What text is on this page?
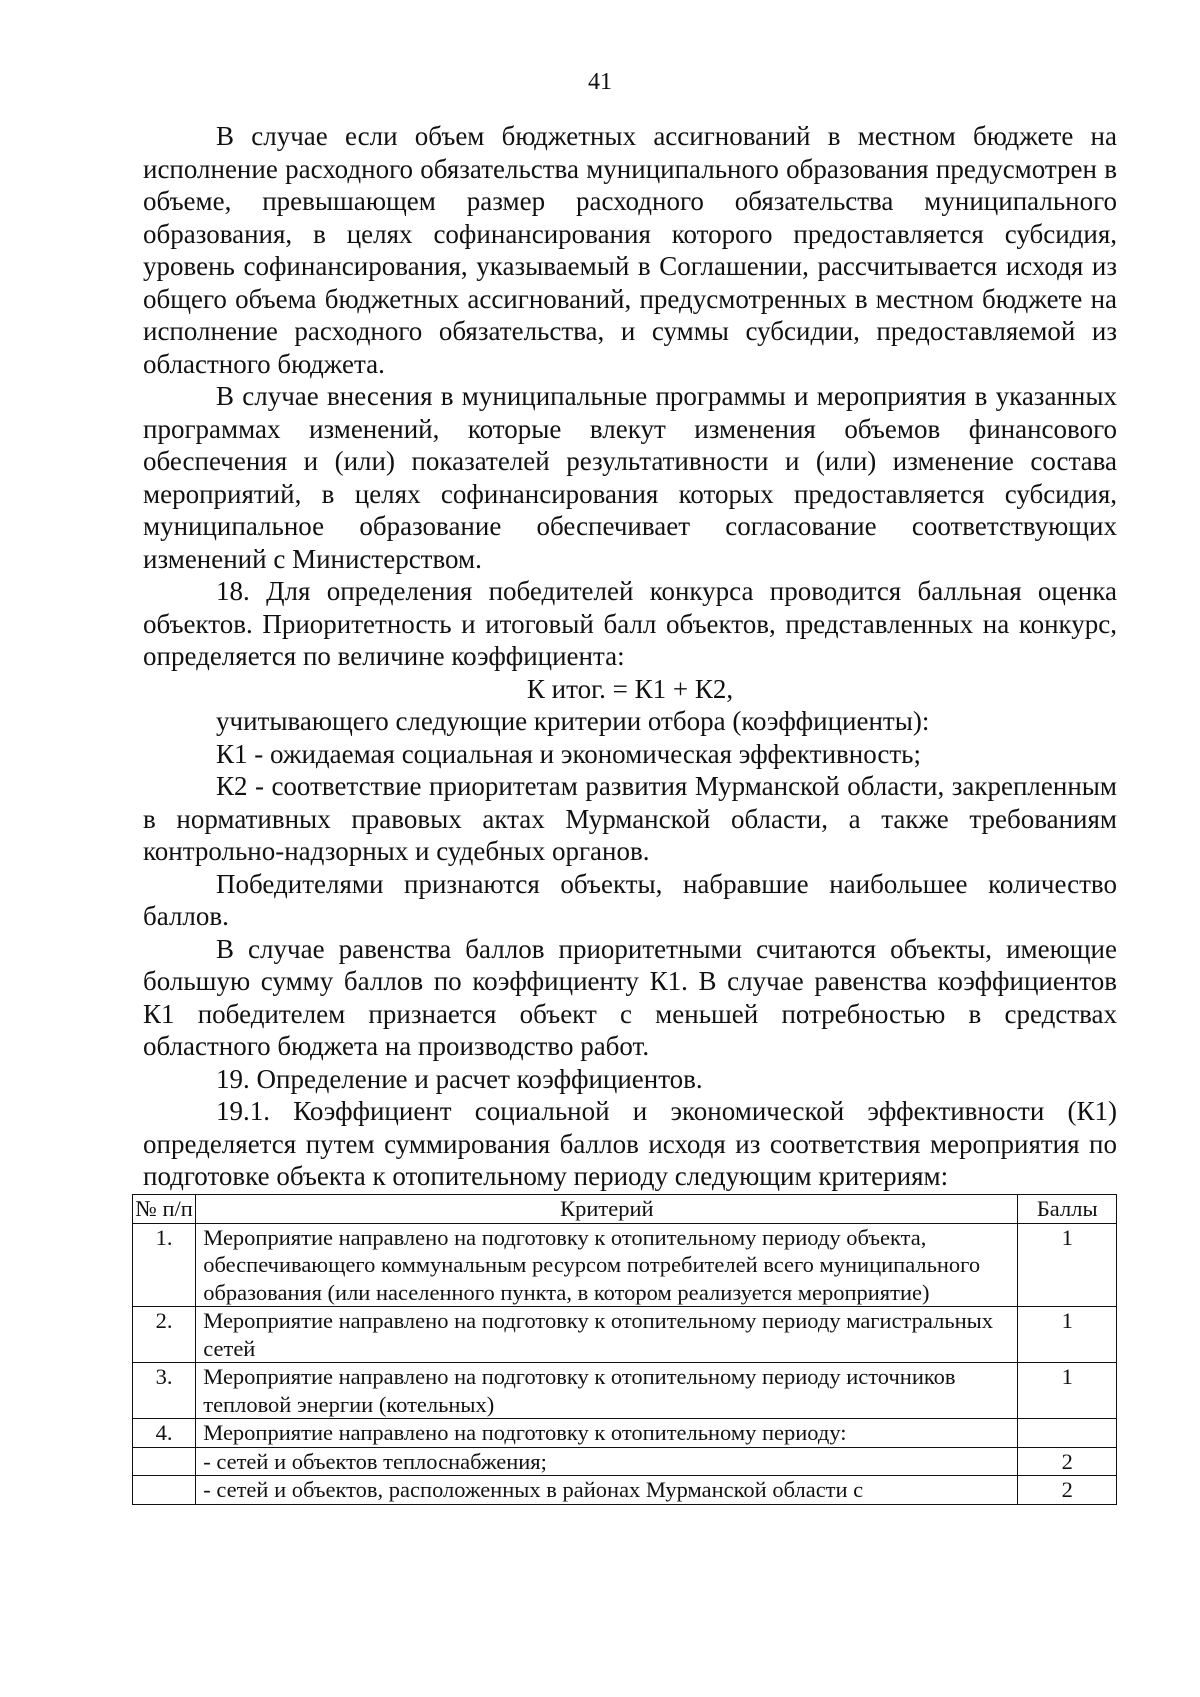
41

В случае если объем бюджетных ассигнований в местном бюджете на исполнение расходного обязательства муниципального образования предусмотрен в объеме, превышающем размер расходного обязательства муниципального образования, в целях софинансирования которого предоставляется субсидия, уровень софинансирования, указываемый в Соглашении, рассчитывается исходя из общего объема бюджетных ассигнований, предусмотренных в местном бюджете на исполнение расходного обязательства, и суммы субсидии, предоставляемой из областного бюджета.

В случае внесения в муниципальные программы и мероприятия в указанных программах изменений, которые влекут изменения объемов финансового обеспечения и (или) показателей результативности и (или) изменение состава мероприятий, в целях софинансирования которых предоставляется субсидия, муниципальное образование обеспечивает согласование соответствующих изменений с Министерством.

18. Для определения победителей конкурса проводится балльная оценка объектов. Приоритетность и итоговый балл объектов, представленных на конкурс, определяется по величине коэффициента:

К итог. = К1 + К2,

учитывающего следующие критерии отбора (коэффициенты):

К1 - ожидаемая социальная и экономическая эффективность;

К2 - соответствие приоритетам развития Мурманской области, закрепленным в нормативных правовых актах Мурманской области, а также требованиям контрольно-надзорных и судебных органов.

Победителями признаются объекты, набравшие наибольшее количество баллов.

В случае равенства баллов приоритетными считаются объекты, имеющие большую сумму баллов по коэффициенту К1. В случае равенства коэффициентов К1 победителем признается объект с меньшей потребностью в средствах областного бюджета на производство работ.

19. Определение и расчет коэффициентов.

19.1. Коэффициент социальной и экономической эффективности (К1) определяется путем суммирования баллов исходя из соответствия мероприятия по подготовке объекта к отопительному периоду следующим критериям:

№ п/п	Критерий	Баллы
1.	Мероприятие направлено на подготовку к отопительному периоду объекта, обеспечивающего коммунальным ресурсом потребителей всего муниципального образования (или населенного пункта, в котором реализуется мероприятие)	1
2.	Мероприятие направлено на подготовку к отопительному периоду магистральных сетей	1
3.	Мероприятие направлено на подготовку к отопительному периоду источников тепловой энергии (котельных)	1
4.	Мероприятие направлено на подготовку к отопительному периоду:	
	- сетей и объектов теплоснабжения;	2
	- сетей и объектов, расположенных в районах Мурманской области с	2
